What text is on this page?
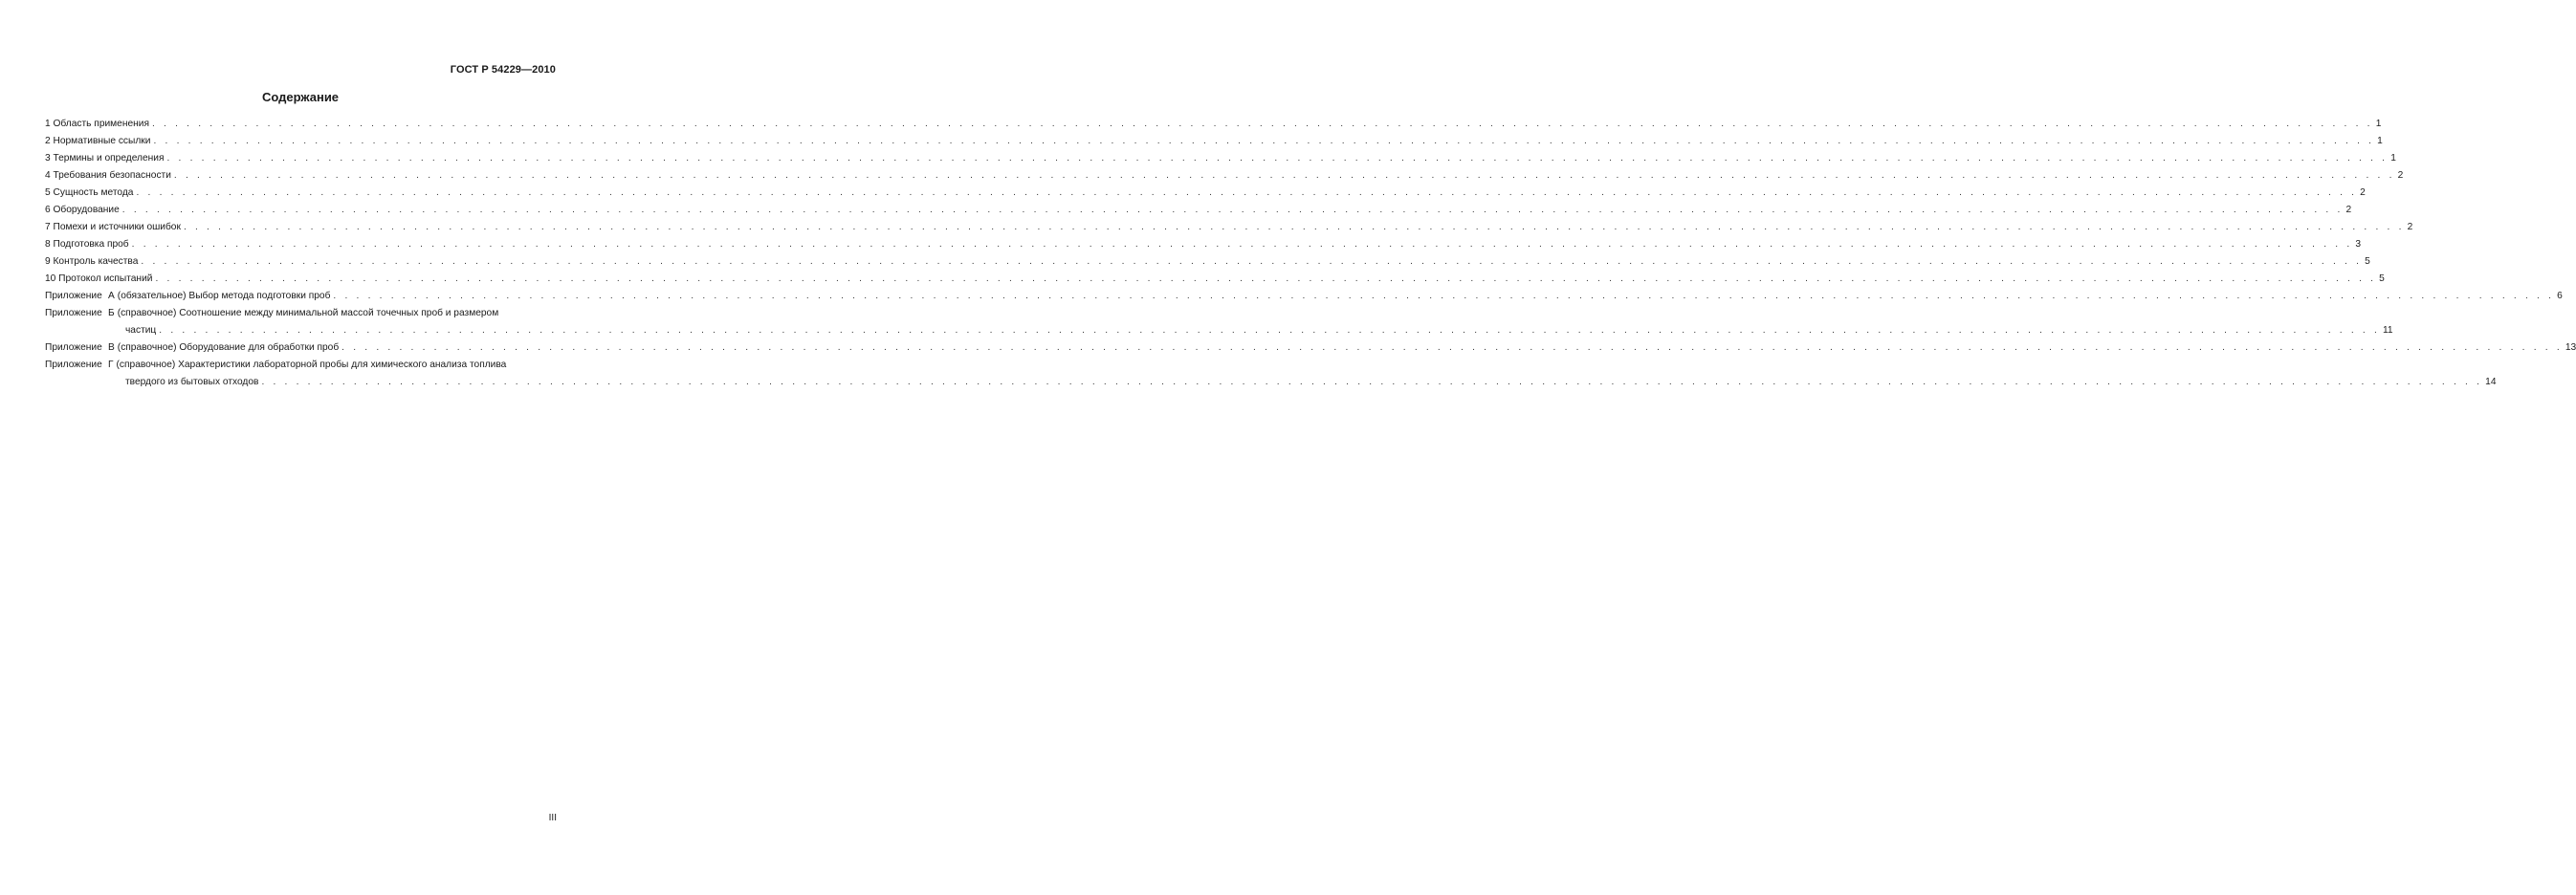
ГОСТ Р 54229—2010
Содержание
1 Область применения . . .	1
2 Нормативные ссылки . . .	1
3 Термины и определения . . .	1
4 Требования безопасности . . .	2
5 Сущность метода . . .	2
6 Оборудование . . .	2
7 Помехи и источники ошибок . . .	2
8 Подготовка проб . . .	3
9 Контроль качества . . .	5
10 Протокол испытаний . . .	5
Приложение А (обязательное) Выбор метода подготовки проб . . .	6
Приложение Б (справочное) Соотношение между минимальной массой точечных проб и размером
частиц . . .	11
Приложение В (справочное) Оборудование для обработки проб . . .	13
Приложение Г (справочное) Характеристики лабораторной пробы для химического анализа топлива
твердого из бытовых отходов . . .	14
III
